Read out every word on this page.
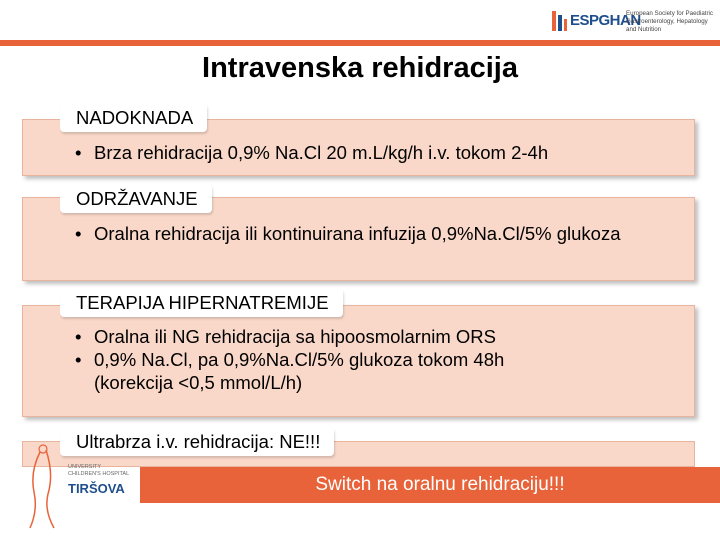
ESPGHAN
European Society for Paediatric Gastroenterology, Hepatology and Nutrition
Intravenska rehidracija
NADOKNADA
• Brza rehidracija 0,9% Na.Cl 20 m.L/kg/h i.v. tokom 2-4h
ODRŽAVANJE
• Oralna rehidracija ili kontinuirana infuzija 0,9%Na.Cl/5% glukoza
TERAPIJA HIPERNATREMIJE
• Oralna ili NG rehidracija sa hipoosmolarnim ORS
• 0,9% Na.Cl, pa 0,9%Na.Cl/5% glukoza tokom 48h (korekcija <0,5 mmol/L/h)
Ultrabrza i.v. rehidracija: NE!!!
Switch na oralnu rehidraciju!!!
UNIVERSITY CHILDREN'S HOSPITAL
TIRŠOVA
